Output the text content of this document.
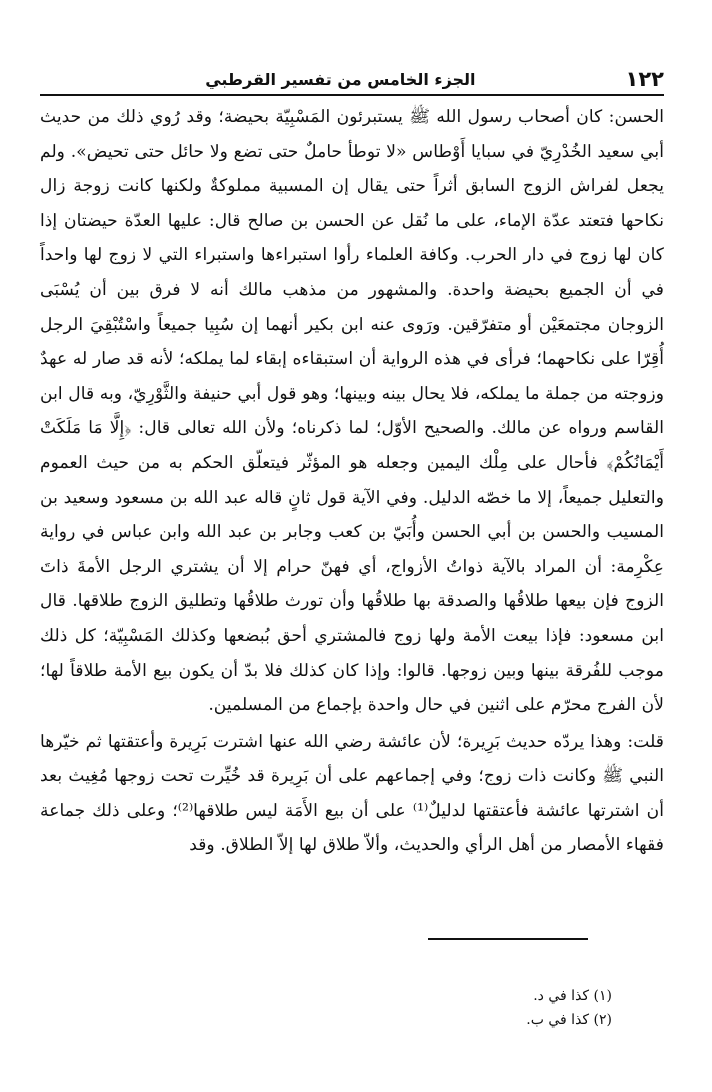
١٢٢
الجزء الخامس من تفسير القرطبي

الحسن: كان أصحاب رسول الله ﷺ يستبرئون المَسْبِيّة بحيضة؛ وقد رُوي ذلك من حديث أبي سعيد الخُدْرِيّ في سبايا أَوْطاس «لا توطأ حاملٌ حتى تضع ولا حائل حتى تحيض». ولم يجعل لفراش الزوج السابق أثراً حتى يقال إن المسبية مملوكةٌ ولكنها كانت زوجة زال نكاحها فتعتد عدّة الإماء، على ما نُقل عن الحسن بن صالح قال: عليها العدّة حيضتان إذا كان لها زوج في دار الحرب. وكافة العلماء رأوا استبراءها واستبراء التي لا زوج لها واحداً في أن الجميع بحيضة واحدة. والمشهور من مذهب مالك أنه لا فرق بين أن يُسْبَى الزوجان مجتمعَيْن أو متفرّقين. ورَوى عنه ابن بكير أنهما إن سُبِيا جميعاً واسْتُبْقِيَ الرجل أُقِرّا على نكاحهما؛ فرأى في هذه الرواية أن استبقاءه إبقاء لما يملكه؛ لأنه قد صار له عهدٌ وزوجته من جملة ما يملكه، فلا يحال بينه وبينها؛ وهو قول أبي حنيفة والثَّوْرِيّ، وبه قال ابن القاسم ورواه عن مالك. والصحيح الأوّل؛ لما ذكرناه؛ ولأن الله تعالى قال: ﴿إِلَّا مَا مَلَكَتْ أَيْمَانُكُمْ﴾ فأحال على مِلْك اليمين وجعله هو المؤثّر فيتعلّق الحكم به من حيث العموم والتعليل جميعاً، إلا ما خصّه الدليل. وفي الآية قول ثانٍ قاله عبد الله بن مسعود وسعيد بن المسيب والحسن بن أبي الحسن وأُبَيّ بن كعب وجابر بن عبد الله وابن عباس في رواية عِكْرِمة: أن المراد بالآية ذواتُ الأزواج، أي فهنّ حرام إلا أن يشتري الرجل الأمةَ ذاتَ الزوج فإن بيعها طلاقُها والصدقة بها طلاقُها وأن تورث طلاقُها وتطليق الزوج طلاقها. قال ابن مسعود: فإذا بيعت الأمة ولها زوج فالمشتري أحق بُبضعها وكذلك المَسْبِيّة؛ كل ذلك موجب للفُرقة بينها وبين زوجها. قالوا: وإذا كان كذلك فلا بدّ أن يكون بيع الأمة طلاقاً لها؛ لأن الفرج محرّم على اثنين في حال واحدة بإجماع من المسلمين.

قلت: وهذا يردّه حديث بَرِيرة؛ لأن عائشة رضي الله عنها اشترت بَرِيرة وأعتقتها ثم خيّرها النبي ﷺ وكانت ذات زوج؛ وفي إجماعهم على أن بَرِيرة قد خُيِّرت تحت زوجها مُغِيث بعد أن اشترتها عائشة فأعتقتها لدليلٌ⁽¹⁾ على أن بيع الأَمَة ليس طلاقها⁽²⁾؛ وعلى ذلك جماعة فقهاء الأمصار من أهل الرأي والحديث، وألاّ طلاق لها إلاّ الطلاق. وقد

(١) كذا في د.

(٢) كذا في ب.
